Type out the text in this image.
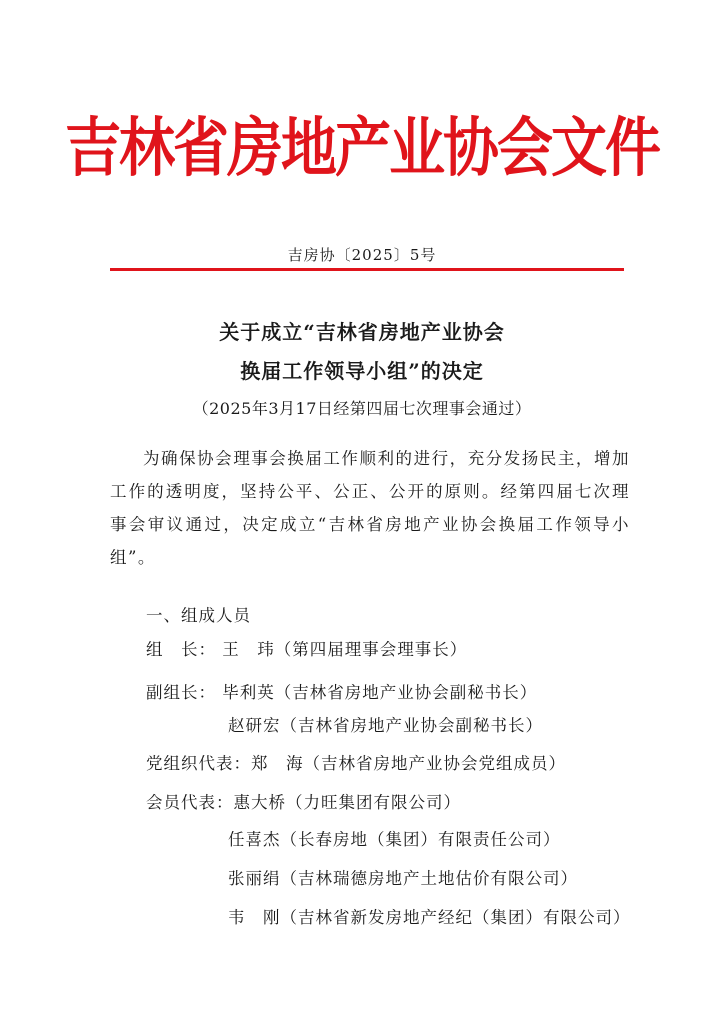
吉林省房地产业协会文件
吉房协〔2025〕5号
关于成立“吉林省房地产业协会
换届工作领导小组”的决定
（2025年3月17日经第四届七次理事会通过）

为确保协会理事会换届工作顺利的进行，充分发扬民主，增加工作的透明度，坚持公平、公正、公开的原则。经第四届七次理事会审议通过，决定成立“吉林省房地产业协会换届工作领导小组”。

一、组成人员
组　长： 王　玮（第四届理事会理事长）
副组长： 毕利英（吉林省房地产业协会副秘书长）
赵研宏（吉林省房地产业协会副秘书长）
党组织代表：郑　海（吉林省房地产业协会党组成员）
会员代表：惠大桥（力旺集团有限公司）
任喜杰（长春房地（集团）有限责任公司）
张丽绢（吉林瑞德房地产土地估价有限公司）
韦　刚（吉林省新发房地产经纪（集团）有限公司）
